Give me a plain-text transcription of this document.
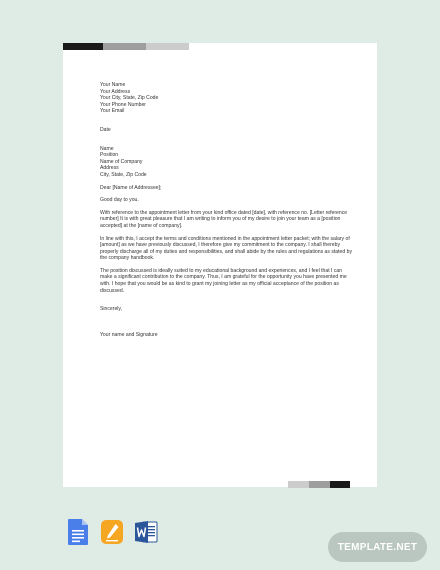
Your Name
Your Address
Your City, State, Zip Code
Your Phone Number
Your Email
Date
Name
Position
Name of Company
Address
City, State, Zip Code
Dear [Name of Addressee];
Good day to you.
With reference to the appointment letter from your kind office dated [date], with reference no. [Letter reference number] It is with great pleasure that I am writing to inform you of my desire to join your team as a [position accepted] at the [name of company].
In line with this, I accept the terms and conditions mentioned in the appointment letter packet; with the salary of [amount] as we have previously discussed, I therefore give my commitment to the company. I shall thereby properly discharge all of my duties and responsibilities, and shall abide by the rules and regulations as stated by the company handbook.
The position discussed is ideally suited to my educational background and experiences, and I feel that I can make a significant contribution to the company. Thus, I am grateful for the opportunity you have presented me with. I hope that you would be as kind to grant my joining letter as my official acceptance of the position as discussed.
Sincerely,
Your name and Signature
TEMPLATE.NET
